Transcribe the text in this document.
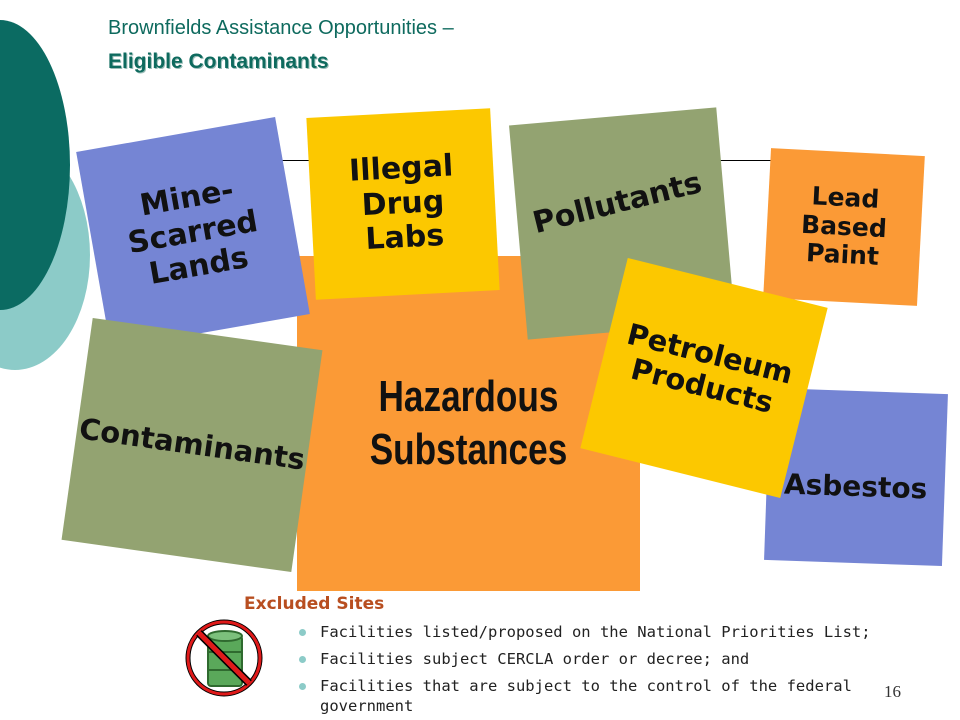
Brownfields Assistance Opportunities –
Eligible Contaminants
Hazardous
Substances
Pollutants	Lead
Based
Paint
Mine-
Scarred
Lands
Illegal
Drug
Labs
Contaminants
Asbestos
Petroleum
Products
Excluded Sites
Facilities listed/proposed on the National Priorities List;
Facilities subject CERCLA order or decree; and
Facilities that are subject to the control of the federal government
16
